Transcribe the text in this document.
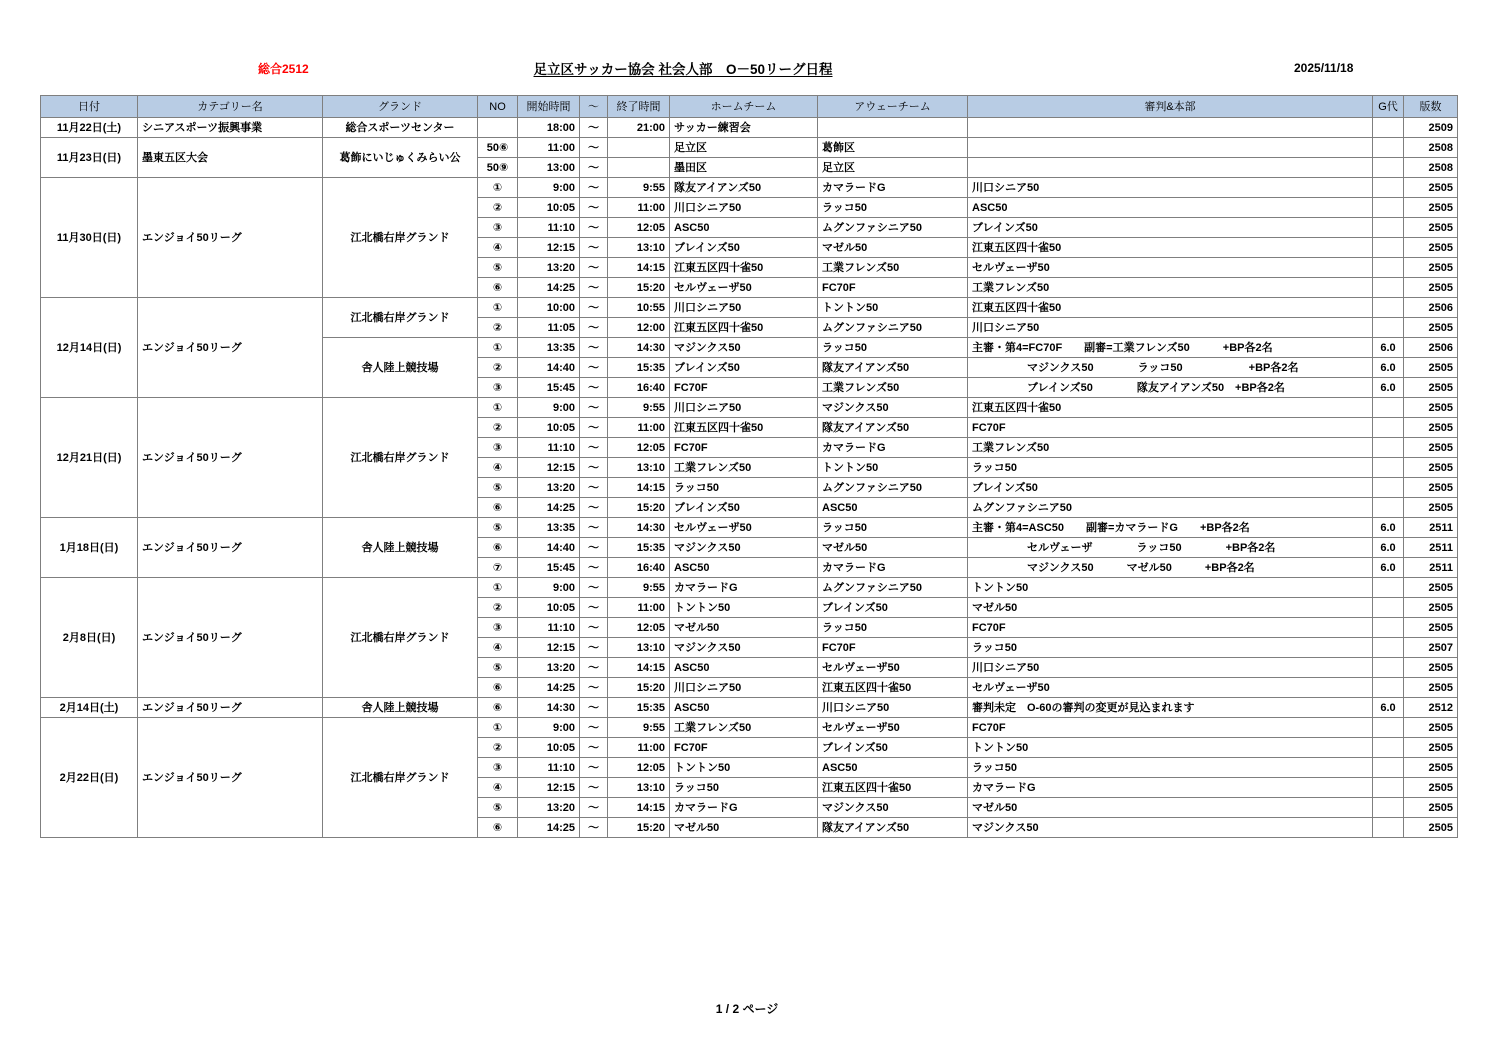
総合2512	足立区サッカー協会 社会人部　О－50リーグ日程	2025/11/18
日付	カテゴリー名	グランド	NO	開始時間	～	終了時間	ホームチーム	アウェーチーム	審判&本部	G代	版数
11月22日(土)	シニアスポーツ振興事業	総合スポーツセンター		18:00	～	21:00	サッカー練習会				2509
11月23日(日)	墨東五区大会	葛飾にいじゅくみらい公	50⑥	11:00	～		足立区	葛飾区			2508
			50⑨	13:00	～		墨田区	足立区			2508
11月30日(日)	エンジョイ50リーグ	江北橋右岸グランド	①	9:00	～	9:55	隊友アイアンズ50	カマラードG	川口シニア50		2505
			②	10:05	～	11:00	川口シニア50	ラッコ50	ASC50		2505
			③	11:10	～	12:05	ASC50	ムグンファシニア50	ブレインズ50		2505
			④	12:15	～	13:10	ブレインズ50	マゼル50	江東五区四十雀50		2505
			⑤	13:20	～	14:15	江東五区四十雀50	工業フレンズ50	セルヴェーザ50		2505
			⑥	14:25	～	15:20	セルヴェーザ50	FC70F	工業フレンズ50		2505
12月14日(日)	エンジョイ50リーグ	江北橋右岸グランド	①	10:00	～	10:55	川口シニア50	トントン50	江東五区四十雀50		2506
			②	11:05	～	12:00	江東五区四十雀50	ムグンファシニア50	川口シニア50		2505
		舎人陸上競技場	①	13:35	～	14:30	マジンクス50	ラッコ50	主審・第4=FC70F　　副審=工業フレンズ50　　　+BP各2名	6.0	2506
			②	14:40	～	15:35	ブレインズ50	隊友アイアンズ50	　　　　　マジンクス50　　　　ラッコ50　　　　　　+BP各2名	6.0	2505
			③	15:45	～	16:40	FC70F	工業フレンズ50	　　　　　ブレインズ50　　　　隊友アイアンズ50　+BP各2名	6.0	2505
12月21日(日)	エンジョイ50リーグ	江北橋右岸グランド	①	9:00	～	9:55	川口シニア50	マジンクス50	江東五区四十雀50		2505
			②	10:05	～	11:00	江東五区四十雀50	隊友アイアンズ50	FC70F		2505
			③	11:10	～	12:05	FC70F	カマラードG	工業フレンズ50		2505
			④	12:15	～	13:10	工業フレンズ50	トントン50	ラッコ50		2505
			⑤	13:20	～	14:15	ラッコ50	ムグンファシニア50	ブレインズ50		2505
			⑥	14:25	～	15:20	ブレインズ50	ASC50	ムグンファシニア50		2505
1月18日(日)	エンジョイ50リーグ	舎人陸上競技場	⑤	13:35	～	14:30	セルヴェーザ50	ラッコ50	主審・第4=ASC50　　副審=カマラードG　　+BP各2名	6.0	2511
			⑥	14:40	～	15:35	マジンクス50	マゼル50	　　　　　セルヴェーザ　　　　ラッコ50　　　　+BP各2名	6.0	2511
			⑦	15:45	～	16:40	ASC50	カマラードG	　　　　　マジンクス50　　　マゼル50　　　+BP各2名	6.0	2511
2月8日(日)	エンジョイ50リーグ	江北橋右岸グランド	①	9:00	～	9:55	カマラードG	ムグンファシニア50	トントン50		2505
			②	10:05	～	11:00	トントン50	ブレインズ50	マゼル50		2505
			③	11:10	～	12:05	マゼル50	ラッコ50	FC70F		2505
			④	12:15	～	13:10	マジンクス50	FC70F	ラッコ50		2507
			⑤	13:20	～	14:15	ASC50	セルヴェーザ50	川口シニア50		2505
			⑥	14:25	～	15:20	川口シニア50	江東五区四十雀50	セルヴェーザ50		2505
2月14日(土)	エンジョイ50リーグ	舎人陸上競技場	⑥	14:30	～	15:35	ASC50	川口シニア50	審判未定　O-60の審判の変更が見込まれます	6.0	2512
2月22日(日)	エンジョイ50リーグ	江北橋右岸グランド	①	9:00	～	9:55	工業フレンズ50	セルヴェーザ50	FC70F		2505
			②	10:05	～	11:00	FC70F	ブレインズ50	トントン50		2505
			③	11:10	～	12:05	トントン50	ASC50	ラッコ50		2505
			④	12:15	～	13:10	ラッコ50	江東五区四十雀50	カマラードG		2505
			⑤	13:20	～	14:15	カマラードG	マジンクス50	マゼル50		2505
			⑥	14:25	～	15:20	マゼル50	隊友アイアンズ50	マジンクス50		2505
1 / 2 ページ
